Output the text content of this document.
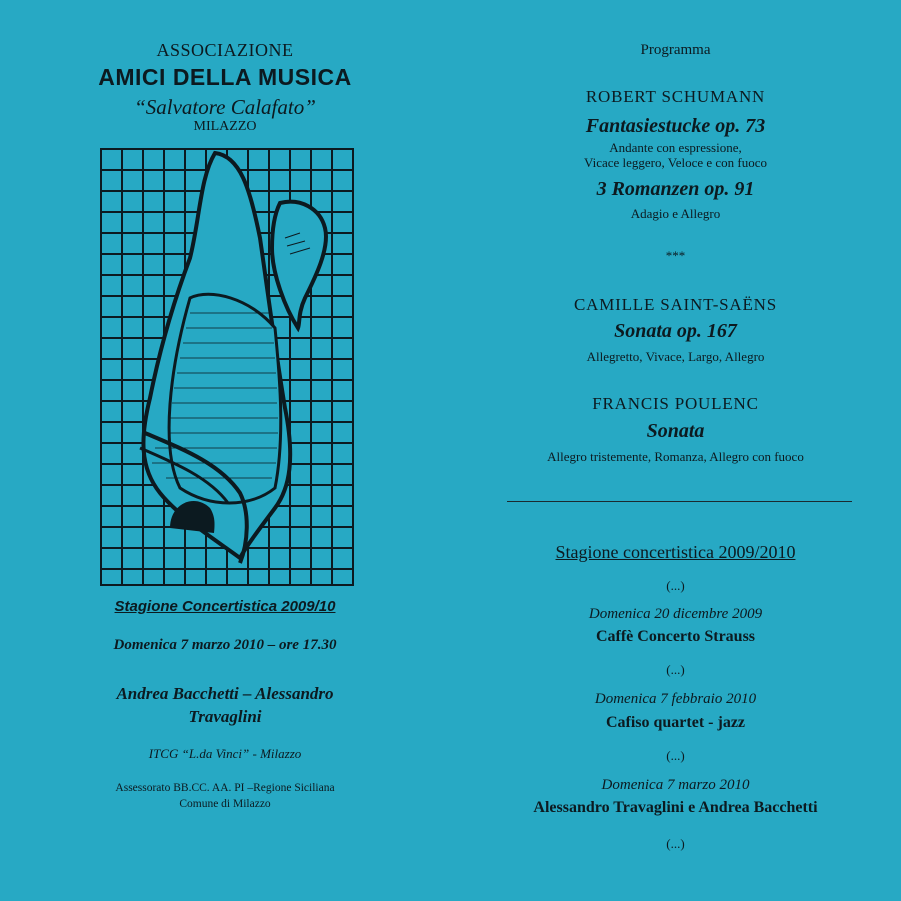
ASSOCIAZIONE
AMICI DELLA MUSICA
“Salvatore Calafato”
MILAZZO
Stagione Concertistica 2009/10
Domenica 7 marzo 2010 – ore 17.30
Andrea Bacchetti – Alessandro Travaglini
ITCG “L.da Vinci” - Milazzo
Assessorato BB.CC. AA. PI –Regione Siciliana
Comune di Milazzo
Programma
ROBERT SCHUMANN
Fantasiestucke op. 73
Andante con espressione,
Vicace leggero, Veloce e con fuoco
3 Romanzen op. 91
Adagio e Allegro
***
CAMILLE SAINT-SAËNS
Sonata op. 167
Allegretto, Vivace, Largo, Allegro
FRANCIS POULENC
Sonata
Allegro tristemente, Romanza, Allegro con fuoco
Stagione concertistica 2009/2010
(...)
Domenica 20 dicembre 2009
Caffè Concerto Strauss
(...)
Domenica 7 febbraio 2010
Cafiso quartet - jazz
(...)
Domenica 7 marzo 2010
Alessandro Travaglini e Andrea Bacchetti
(...)
